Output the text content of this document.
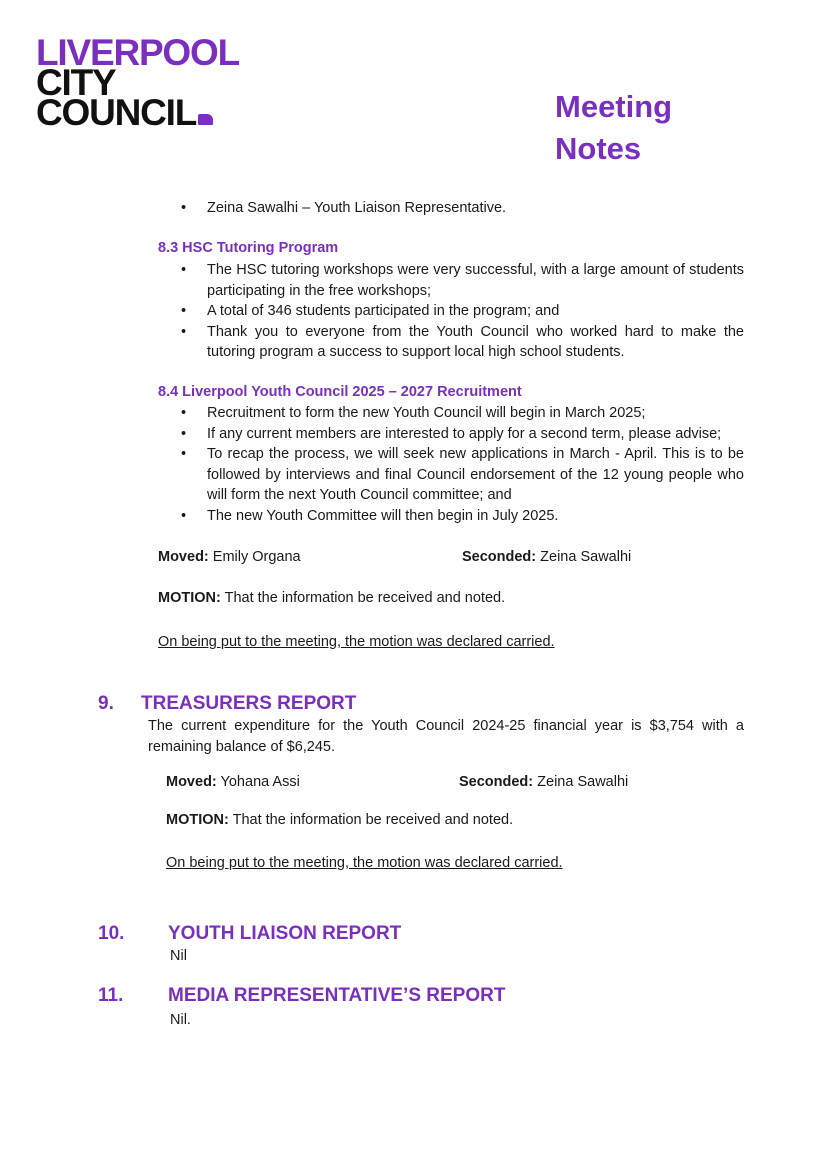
LIVERPOOL
CITY
COUNCIL	Meeting
Notes
• Zeina Sawalhi – Youth Liaison Representative.
8.3 HSC Tutoring Program
• The HSC tutoring workshops were very successful, with a large amount of students participating in the free workshops;
• A total of 346 students participated in the program; and
• Thank you to everyone from the Youth Council who worked hard to make the tutoring program a success to support local high school students.
8.4 Liverpool Youth Council 2025 – 2027 Recruitment
• Recruitment to form the new Youth Council will begin in March 2025;
• If any current members are interested to apply for a second term, please advise;
• To recap the process, we will seek new applications in March - April. This is to be followed by interviews and final Council endorsement of the 12 young people who will form the next Youth Council committee; and
• The new Youth Committee will then begin in July 2025.
Moved: Emily Organa	Seconded: Zeina Sawalhi
MOTION: That the information be received and noted.
On being put to the meeting, the motion was declared carried.
9. TREASURERS REPORT
The current expenditure for the Youth Council 2024-25 financial year is $3,754 with a remaining balance of $6,245.
Moved: Yohana Assi	Seconded: Zeina Sawalhi
MOTION: That the information be received and noted.
On being put to the meeting, the motion was declared carried.
10. YOUTH LIAISON REPORT
Nil
11. MEDIA REPRESENTATIVE’S REPORT
Nil.
